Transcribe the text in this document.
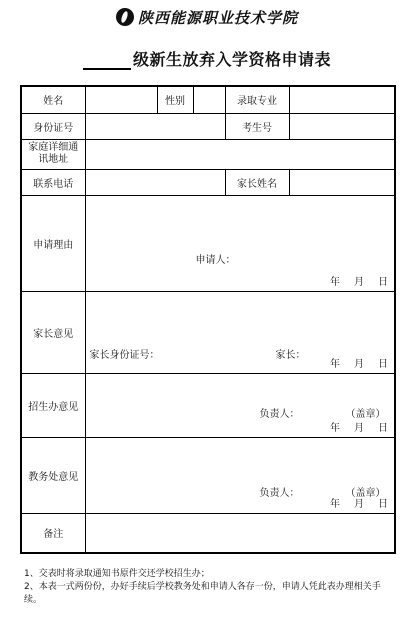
陕西能源职业技术学院
级新生放弃入学资格申请表
姓名		性别		录取专业	
身份证号				考生号	
家庭详细通讯地址					
联系电话				家长姓名	
申请理由	申请人：
年 月 日				

家长意见	家长身份证号： 家长：
年 月 日				

招生办意见	负责人： （盖章）
年 月 日				

教务处意见	负责人： （盖章）
年 月 日				

备注					
1、交表时将录取通知书原件交还学校招生办；
2、本表一式两份份，办好手续后学校教务处和申请人各存一份，申请人凭此表办理相关手续。
